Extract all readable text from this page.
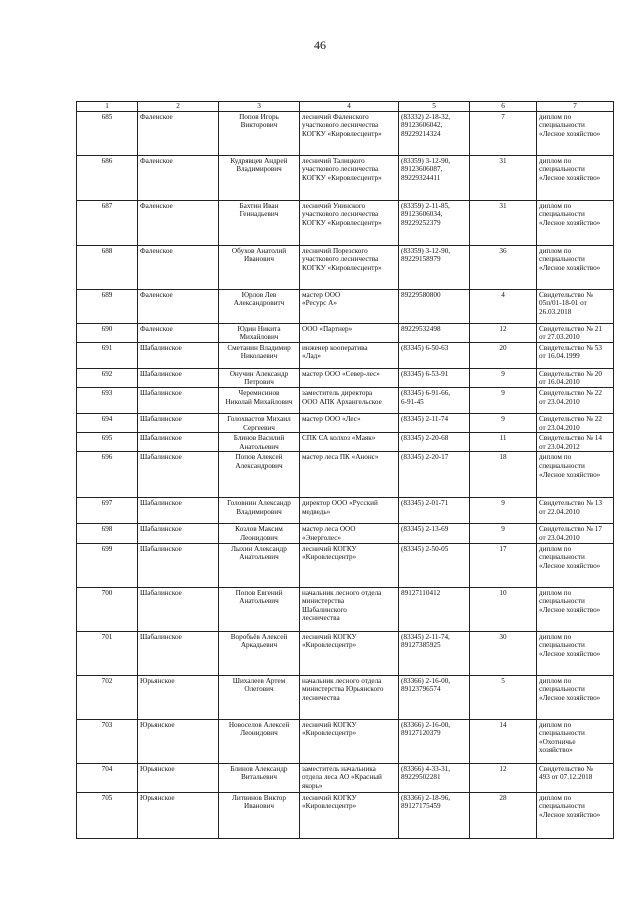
46
1	2	3	4	5	6	7
685	Фаленское	Попов Игорь
Викторович	лесничий Фаленского
участкового лесничества
КОГКУ «Кировлесцентр»	(83332) 2-18-32,
89123606042,
89229214324	7	диплом по
специальности
«Лесное хозяйство»
686	Фаленское	Кудрявцев Андрей
Владимирович	лесничий Талицкого
участкового лесничества
КОГКУ «Кировлесцентр»	(83359) 3-12-90,
89123606087,
89229324411	31	диплом по
специальности
«Лесное хозяйство»
687	Фаленское	Бахтин Иван
Геннадьевич	лесничий Унинского
участкового лесничества
КОГКУ «Кировлесцентр»	(83359) 2-11-85,
89123606034,
89229252379	31	диплом по
специальности
«Лесное хозяйство»
688	Фаленское	Обухов Анатолий
Иванович	лесничий Порезского
участкового лесничества
КОГКУ «Кировлесцентр»	(83359) 3-12-90,
89229158979	36	диплом по
специальности
«Лесное хозяйство»
689	Фаленское	Юрлов Лев
Александровитч	мастер ООО
«Ресурс А»	89229580800	4	Свидетельство №
05п/01-18-01 от
26.03.2018
690	Фаленское	Юдин Никита
Михайлович	ООО «Партнер»	89229532498	12	Свидетельство № 21
от 27.03.2010
691	Шабалинское	Сметанин Владимир
Николаевич	инженер кооператива
«Лад»	(83345) 6-50-63	20	Свидетельство № 53
от 16.04.1999
692	Шабалинское	Онучин Александр
Петрович	мастер ООО «Север-лес»	(83345) 6-53-91	9	Свидетельство № 20
от 16.04.2010
693	Шабалинское	Черемисинов
Николай Михайлович	заместитель директора
ООО АПК Архангельское	(83345) 6-91-66,
6-91-45	9	Свидетельство № 22
от 23.04.2010
694	Шабалинское	Голохвастов Михаил
Сергеевич	мастер ООО «Лес»	(83345) 2-11-74	9	Свидетельство № 22
от 23.04.2010
695	Шабалинское	Блинов Василий
Анатольевич	СПК СА колхоз «Маяк»	(83345) 2-20-68	11	Свидетельство № 14
от 23.04.2012
696	Шабалинское	Попов Алексей
Александрович	мастер леса ПК «Анонс»	(83345) 2-20-17	18	диплом по
специальности
«Лесное хозяйство»
697	Шабалинское	Головнин Александр
Владимирович	директор ООО «Русский
медведь»	(83345) 2-01-71	9	Свидетельство № 13
от 22.04.2010
698	Шабалинское	Козлов Максим
Леонидович	мастер леса ООО
«Энерголес»	(83345) 2-13-69	9	Свидетельство № 17
от 23.04.2010
699	Шабалинское	Лыхин Александр
Анатольевич	лесничий КОГКУ
«Кировлесцентр»	(83345) 2-50-05	17	диплом по
специальности
«Лесное хозяйство»
700	Шабалинское	Попов Евгений
Анатольевич	начальник лесного отдела
министерства
Шабалинского
лесничества	89127110412	10	диплом по
специальности
«Лесное хозяйство»
701	Шабалинское	Воробьёв Алексей
Аркадьевич	лесничий КОГКУ
«Кировлесцентр»	(83345) 2-11-74,
89127385925	30	диплом по
специальности
«Лесное хозяйство»
702	Юрьянское	Шихалеев Артем
Олегович	начальник лесного отдела
министерства Юрьянского
лесничества	(83366) 2-16-00,
89123796574	5	диплом по
специальности
«Лесное хозяйство»
703	Юрьянское	Новоселов Алексей
Леонидович	лесничий КОГКУ
«Кировлесцентр»	(83366) 2-16-00,
89127120379	14	диплом по
специальности
«Охотничье
хозяйство»
704	Юрьянское	Блинов Александр
Витальевич	заместитель начальника
отдела леса АО «Красный
якорь»	(83366) 4-33-31,
89229502281	12	Свидетельство №
493 от 07.12.2018
705	Юрьянское	Литвинов Виктор
Иванович	лесничий КОГКУ
«Кировлесцентр»	(83366) 2-18-96,
89127175459	28	диплом по
специальности
«Лесное хозяйство»
